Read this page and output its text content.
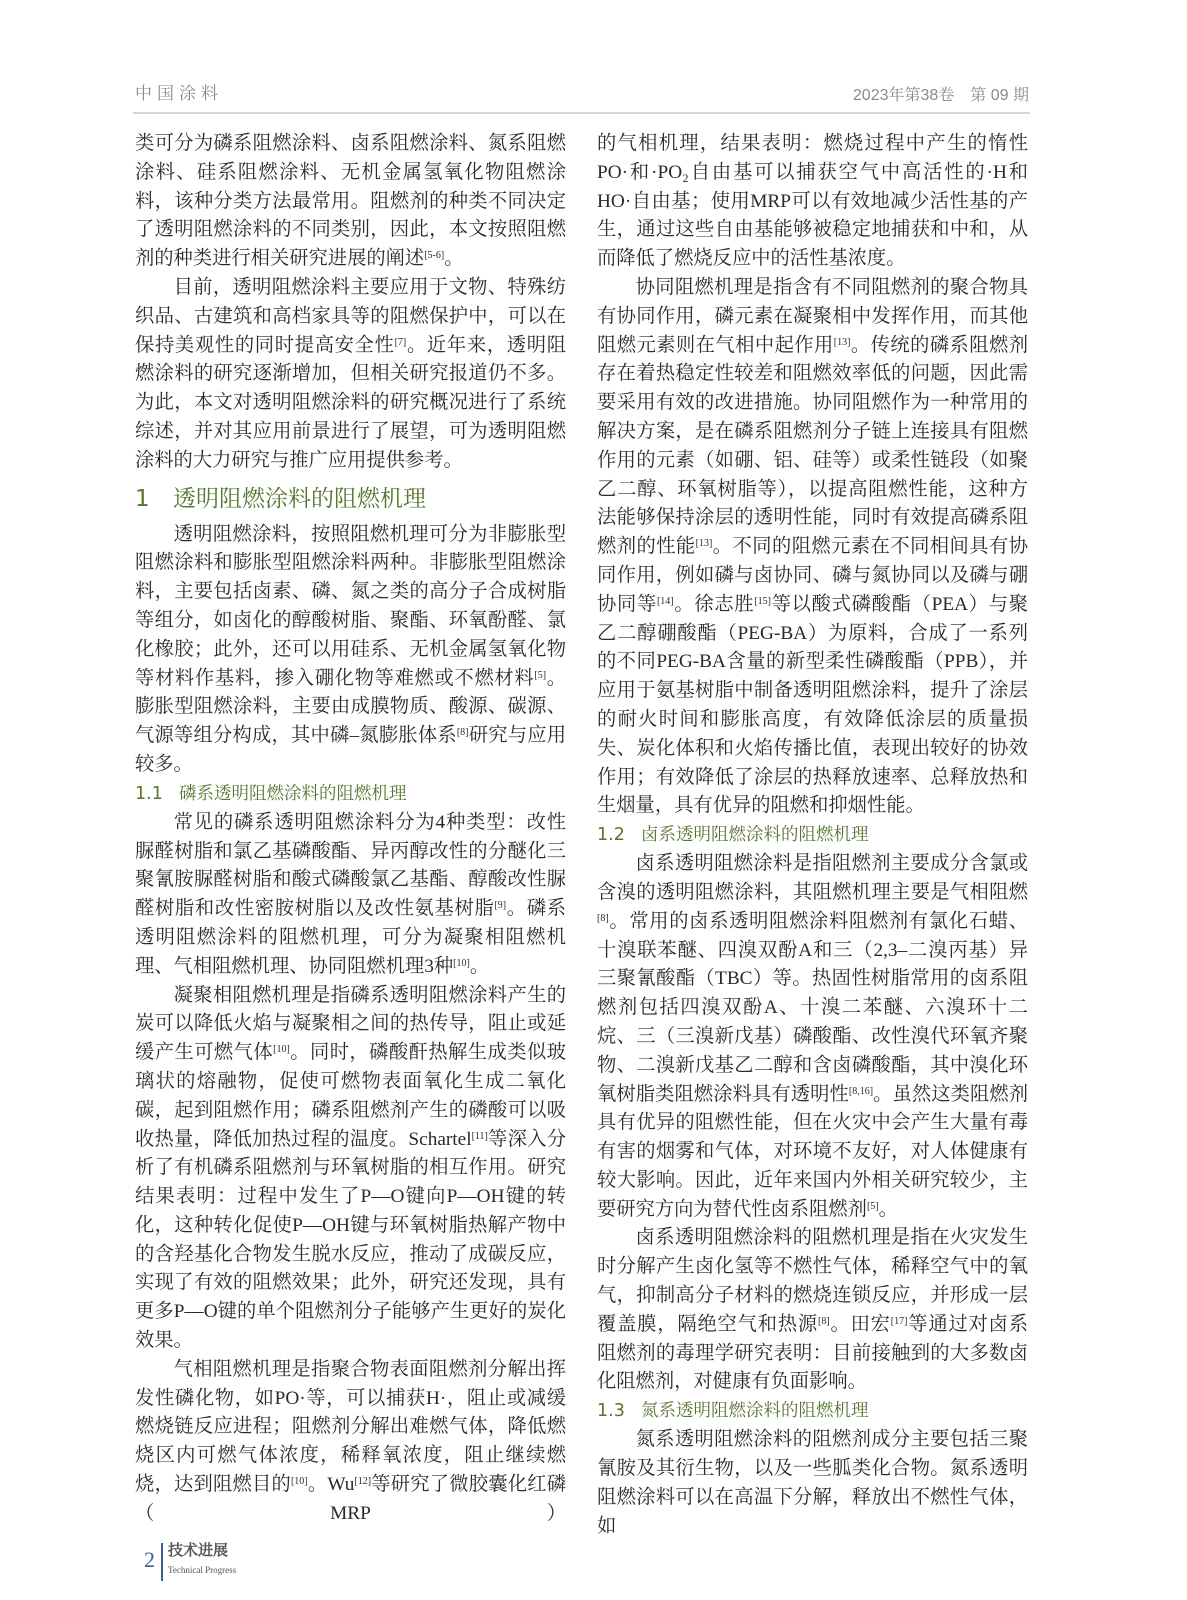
中国涂料	2023年第38卷　第 09 期

类可分为磷系阻燃涂料、卤系阻燃涂料、氮系阻燃涂料、硅系阻燃涂料、无机金属氢氧化物阻燃涂料，该种分类方法最常用。阻燃剂的种类不同决定了透明阻燃涂料的不同类别，因此，本文按照阻燃剂的种类进行相关研究进展的阐述[5-6]。

目前，透明阻燃涂料主要应用于文物、特殊纺织品、古建筑和高档家具等的阻燃保护中，可以在保持美观性的同时提高安全性[7]。近年来，透明阻燃涂料的研究逐渐增加，但相关研究报道仍不多。为此，本文对透明阻燃涂料的研究概况进行了系统综述，并对其应用前景进行了展望，可为透明阻燃涂料的大力研究与推广应用提供参考。

1 透明阻燃涂料的阻燃机理

透明阻燃涂料，按照阻燃机理可分为非膨胀型阻燃涂料和膨胀型阻燃涂料两种。非膨胀型阻燃涂料，主要包括卤素、磷、氮之类的高分子合成树脂等组分，如卤化的醇酸树脂、聚酯、环氧酚醛、氯化橡胶；此外，还可以用硅系、无机金属氢氧化物等材料作基料，掺入硼化物等难燃或不燃材料[5]。膨胀型阻燃涂料，主要由成膜物质、酸源、碳源、气源等组分构成，其中磷–氮膨胀体系[8]研究与应用较多。

1.1 磷系透明阻燃涂料的阻燃机理

常见的磷系透明阻燃涂料分为4种类型：改性脲醛树脂和氯乙基磷酸酯、异丙醇改性的分醚化三聚氰胺脲醛树脂和酸式磷酸氯乙基酯、醇酸改性脲醛树脂和改性密胺树脂以及改性氨基树脂[9]。磷系透明阻燃涂料的阻燃机理，可分为凝聚相阻燃机理、气相阻燃机理、协同阻燃机理3种[10]。

凝聚相阻燃机理是指磷系透明阻燃涂料产生的炭可以降低火焰与凝聚相之间的热传导，阻止或延缓产生可燃气体[10]。同时，磷酸酐热解生成类似玻璃状的熔融物，促使可燃物表面氧化生成二氧化碳，起到阻燃作用；磷系阻燃剂产生的磷酸可以吸收热量，降低加热过程的温度。Schartel[11]等深入分析了有机磷系阻燃剂与环氧树脂的相互作用。研究结果表明：过程中发生了P—O键向P—OH键的转化，这种转化促使P—OH键与环氧树脂热解产物中的含羟基化合物发生脱水反应，推动了成碳反应，实现了有效的阻燃效果；此外，研究还发现，具有更多P—O键的单个阻燃剂分子能够产生更好的炭化效果。

气相阻燃机理是指聚合物表面阻燃剂分解出挥发性磷化物，如PO·等，可以捕获H·，阻止或减缓燃烧链反应进程；阻燃剂分解出难燃气体，降低燃烧区内可燃气体浓度，稀释氧浓度，阻止继续燃烧，达到阻燃目的[10]。Wu[12]等研究了微胶囊化红磷（MRP）

的气相机理，结果表明：燃烧过程中产生的惰性PO·和·PO₂自由基可以捕获空气中高活性的·H和HO·自由基；使用MRP可以有效地减少活性基的产生，通过这些自由基能够被稳定地捕获和中和，从而降低了燃烧反应中的活性基浓度。

协同阻燃机理是指含有不同阻燃剂的聚合物具有协同作用，磷元素在凝聚相中发挥作用，而其他阻燃元素则在气相中起作用[13]。传统的磷系阻燃剂存在着热稳定性较差和阻燃效率低的问题，因此需要采用有效的改进措施。协同阻燃作为一种常用的解决方案，是在磷系阻燃剂分子链上连接具有阻燃作用的元素（如硼、铝、硅等）或柔性链段（如聚乙二醇、环氧树脂等），以提高阻燃性能，这种方法能够保持涂层的透明性能，同时有效提高磷系阻燃剂的性能[13]。不同的阻燃元素在不同相间具有协同作用，例如磷与卤协同、磷与氮协同以及磷与硼协同等[14]。徐志胜[15]等以酸式磷酸酯（PEA）与聚乙二醇硼酸酯（PEG-BA）为原料，合成了一系列的不同PEG-BA含量的新型柔性磷酸酯（PPB），并应用于氨基树脂中制备透明阻燃涂料，提升了涂层的耐火时间和膨胀高度，有效降低涂层的质量损失、炭化体积和火焰传播比值，表现出较好的协效作用；有效降低了涂层的热释放速率、总释放热和生烟量，具有优异的阻燃和抑烟性能。

1.2 卤系透明阻燃涂料的阻燃机理

卤系透明阻燃涂料是指阻燃剂主要成分含氯或含溴的透明阻燃涂料，其阻燃机理主要是气相阻燃[8]。常用的卤系透明阻燃涂料阻燃剂有氯化石蜡、十溴联苯醚、四溴双酚A和三（2,3–二溴丙基）异三聚氰酸酯（TBC）等。热固性树脂常用的卤系阻燃剂包括四溴双酚A、十溴二苯醚、六溴环十二烷、三（三溴新戊基）磷酸酯、改性溴代环氧齐聚物、二溴新戊基乙二醇和含卤磷酸酯，其中溴化环氧树脂类阻燃涂料具有透明性[8,16]。虽然这类阻燃剂具有优异的阻燃性能，但在火灾中会产生大量有毒有害的烟雾和气体，对环境不友好，对人体健康有较大影响。因此，近年来国内外相关研究较少，主要研究方向为替代性卤系阻燃剂[5]。

卤系透明阻燃涂料的阻燃机理是指在火灾发生时分解产生卤化氢等不燃性气体，稀释空气中的氧气，抑制高分子材料的燃烧连锁反应，并形成一层覆盖膜，隔绝空气和热源[8]。田宏[17]等通过对卤系阻燃剂的毒理学研究表明：目前接触到的大多数卤化阻燃剂，对健康有负面影响。

1.3 氮系透明阻燃涂料的阻燃机理

氮系透明阻燃涂料的阻燃剂成分主要包括三聚氰胺及其衍生物，以及一些胍类化合物。氮系透明阻燃涂料可以在高温下分解，释放出不燃性气体，如

2 技术进展
Technical Progress
